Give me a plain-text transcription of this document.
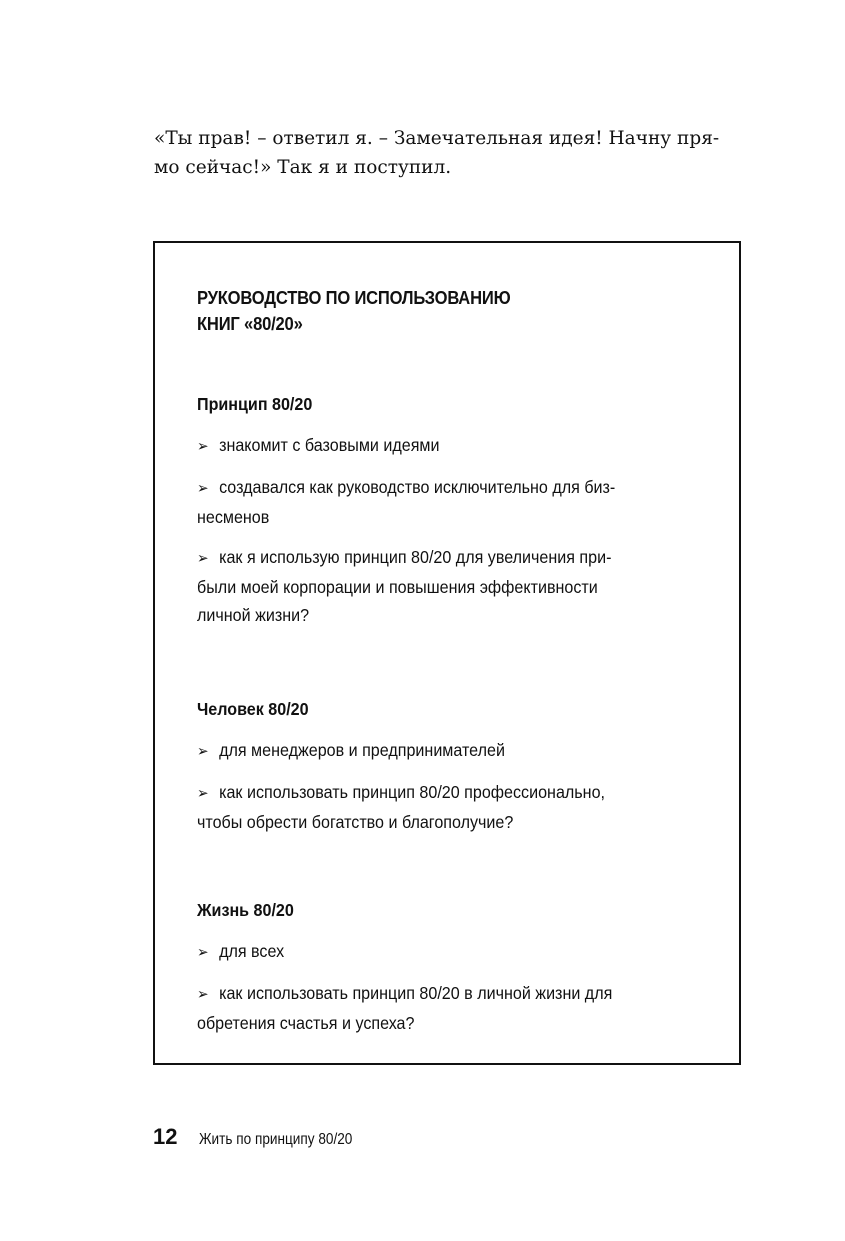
«Ты прав! – ответил я. – Замечательная идея! Начну пря-
мо сейчас!» Так я и поступил.

РУКОВОДСТВО ПО ИСПОЛЬЗОВАНИЮ
КНИГ «80/20»
Принцип 80/20

➢ знакомит с базовыми идеями

➢ создавался как руководство исключительно для биз-
несменов

➢ как я использую принцип 80/20 для увеличения при-
были моей корпорации и повышения эффективности
личной жизни?

Человек 80/20

➢ для менеджеров и предпринимателей

➢ как использовать принцип 80/20 профессионально,
чтобы обрести богатство и благополучие?

Жизнь 80/20

➢ для всех

➢ как использовать принцип 80/20 в личной жизни для
обретения счастья и успеха?

12 Жить по принципу 80/20
